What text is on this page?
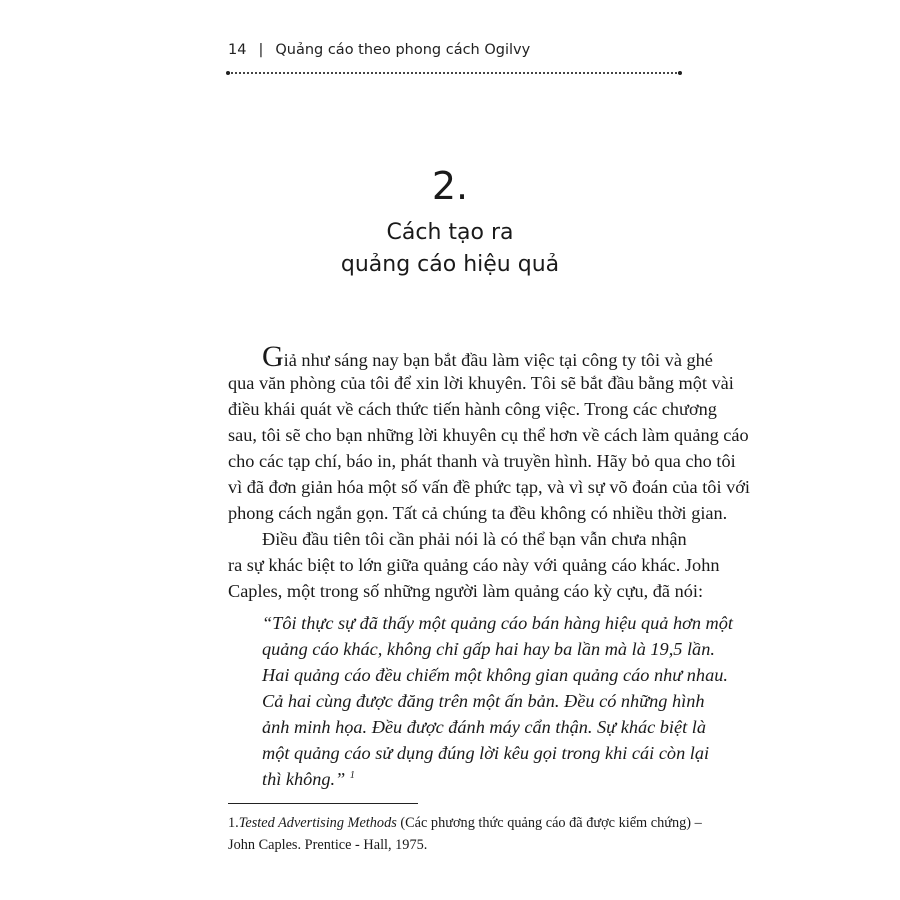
14 | Quảng cáo theo phong cách Ogilvy
2.
Cách tạo ra
quảng cáo hiệu quả
Giả như sáng nay bạn bắt đầu làm việc tại công ty tôi và ghé
qua văn phòng của tôi để xin lời khuyên. Tôi sẽ bắt đầu bằng một vài
điều khái quát về cách thức tiến hành công việc. Trong các chương
sau, tôi sẽ cho bạn những lời khuyên cụ thể hơn về cách làm quảng cáo
cho các tạp chí, báo in, phát thanh và truyền hình. Hãy bỏ qua cho tôi
vì đã đơn giản hóa một số vấn đề phức tạp, và vì sự võ đoán của tôi với
phong cách ngắn gọn. Tất cả chúng ta đều không có nhiều thời gian.
Điều đầu tiên tôi cần phải nói là có thể bạn vẫn chưa nhận
ra sự khác biệt to lớn giữa quảng cáo này với quảng cáo khác. John
Caples, một trong số những người làm quảng cáo kỳ cựu, đã nói:
“Tôi thực sự đã thấy một quảng cáo bán hàng hiệu quả hơn một
quảng cáo khác, không chỉ gấp hai hay ba lần mà là 19,5 lần.
Hai quảng cáo đều chiếm một không gian quảng cáo như nhau.
Cả hai cùng được đăng trên một ấn bản. Đều có những hình
ảnh minh họa. Đều được đánh máy cẩn thận. Sự khác biệt là
một quảng cáo sử dụng đúng lời kêu gọi trong khi cái còn lại
thì không.” $^1$
1.Tested Advertising Methods (Các phương thức quảng cáo đã được kiểm chứng) –
John Caples. Prentice - Hall, 1975.
